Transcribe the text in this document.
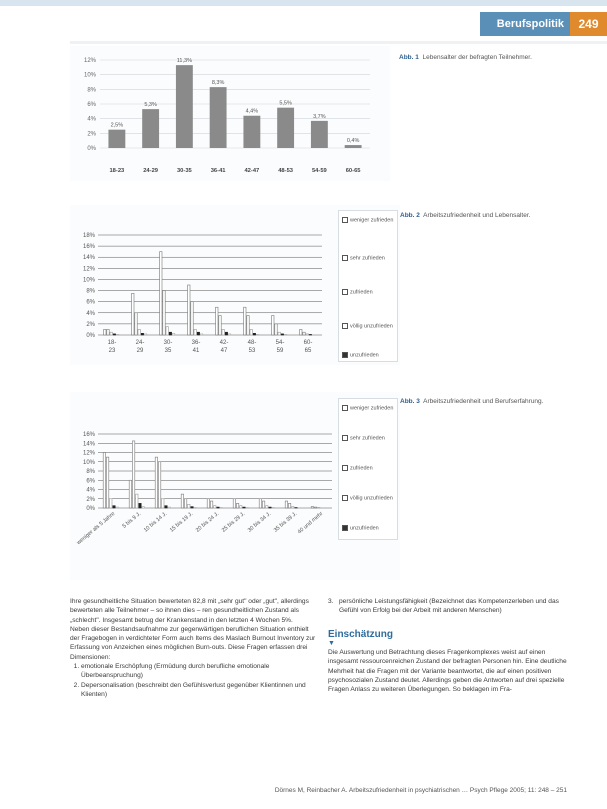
Berufspolitik	249
0%
2%
4%
6%
8%
10%
12%
2,5%
18-23
5,3%
24-29
11,3%
30-35
8,3%
36-41
4,4%
42-47
5,5%
48-53
3,7%
54-59
0,4%
60-65
Abb. 1 Lebensalter der befragten Teilnehmer.
0%
2%
4%
6%
8%
10%
12%
14%
16%
18%
18-
23
24-
29
30-
35
36-
41
42-
47
48-
53
54-
59
60-
65
weniger zufrieden
sehr zufrieden
zufrieden
völlig unzufrieden
unzufrieden
Abb. 2 Arbeitszufriedenheit und Lebensalter.
0%
2%
4%
6%
8%
10%
12%
14%
16%
weniger als 5 Jahre 5 bis 9 J. 10 bis 14 J. 15 bis 19 J. 20 bis 24 J. 25 bis 29 J. 30 bis 34 J. 35 bis 39 J.
40 und mehr
weniger zufrieden
sehr zufrieden
zufrieden
völlig unzufrieden
unzufrieden
Abb. 3 Arbeitszufriedenheit und Berufserfahrung.

Ihre gesundheitliche Situation bewerteten 82,8 mit „sehr gut" oder „gut", allerdings bewerteten alle Teilnehmer – so ihnen dies – ren gesundheitlichen Zustand als „schlecht". Insgesamt betrug der Krankenstand in den letzten 4 Wochen 5%.

Neben dieser Bestandsaufnahme zur gegenwärtigen beruflichen Situation enthielt der Fragebogen in verdichteter Form auch Items des Maslach Burnout Inventory zur Erfassung von Anzeichen eines möglichen Burn-outs. Diese Fragen erfassen drei Dimensionen:

1. emotionale Erschöpfung (Ermüdung durch berufliche emotionale Überbeanspruchung)
2. Depersonalisation (beschreibt den Gefühlsverlust gegenüber Klientinnen und Klienten)
3. persönliche Leistungsfähigkeit (Bezeichnet das Kompetenzerleben und das Gefühl von Erfolg bei der Arbeit mit anderen Menschen)
Einschätzung
▼

Die Auswertung und Betrachtung dieses Fragenkomplexes weist auf einen insgesamt ressourcenreichen Zustand der befragten Personen hin. Eine deutliche Mehrheit hat die Fragen mit der Variante beantwortet, die auf einen positiven psychosozialen Zustand deutet. Allerdings geben die Antworten auf drei spezielle Fragen Anlass zu weiteren Überlegungen. So beklagen im Fra-

Dörnes M, Reinbacher A. Arbeitszufriedenheit in psychiatrischen … Psych Pflege 2005; 11: 248 – 251
